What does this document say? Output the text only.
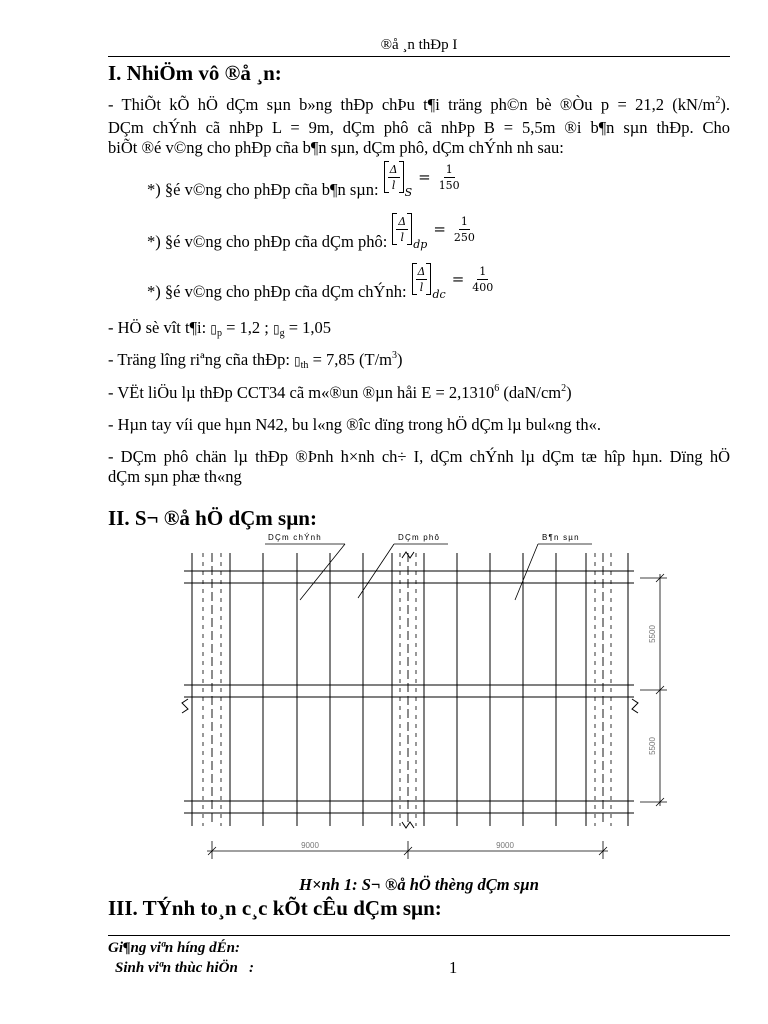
®å ¸n thÐp I
I. NhiÖm vô ®å ¸n:
- ThiÕt kÕ hÖ dÇm sµn b»ng thÐp chÞu t¶i träng ph©n bè ®Òu p = 21,2 $(kN/m^2)$.
DÇm chÝnh cã nhÞp L = 9m, dÇm phô cã nhÞp B = 5,5m ®i b¶n sµn thÐp. Cho
biÕt ®é v©ng cho phÐp cña b¶n sµn, dÇm phô, dÇm chÝnh nh sau:
*) §é v©ng cho phÐp cña b¶n sµn: $\frac{\Delta}{l}$
S
= $\frac{1}{150}$
*) §é v©ng cho phÐp cña dÇm phô: $\frac{\Delta}{l}$
dp
= $\frac{1}{250}$
*) §é v©ng cho phÐp cña dÇm chÝnh: $\frac{\Delta}{l}$
dc
= $\frac{1}{400}$
- HÖ sè vît t¶i: ▯p = 1,2 ; ▯g = 1,05
- Träng lîng riªng cña thÐp: ▯th = 7,85 $(T/m^3)$
- VËt liÖu lµ thÐp CCT34 cã m«®un ®µn håi $E = 2,1310^6$ $(daN/cm^2)$
- Hµn tay víi que hµn N42, bu l«ng ®îc dïng trong hÖ dÇm lµ bul«ng th«.
- DÇm phô chän lµ thÐp ®Þnh h×nh ch÷ I, dÇm chÝnh lµ dÇm tæ hîp hµn. Dïng hÖ
dÇm sµn phæ th«ng
II. S¬ ®å hÖ dÇm sµn:
DÇm chÝnh	DÇm phô	B¶n sµn
5500
5500
9000	9000
H×nh 1: S¬ ®å hÖ thèng dÇm sµn
III. TÝnh to¸n c¸c kÕt cÊu dÇm sµn:
Gi¶ng viªn híng dÉn:
Sinh viªn thùc hiÖn   :	1
